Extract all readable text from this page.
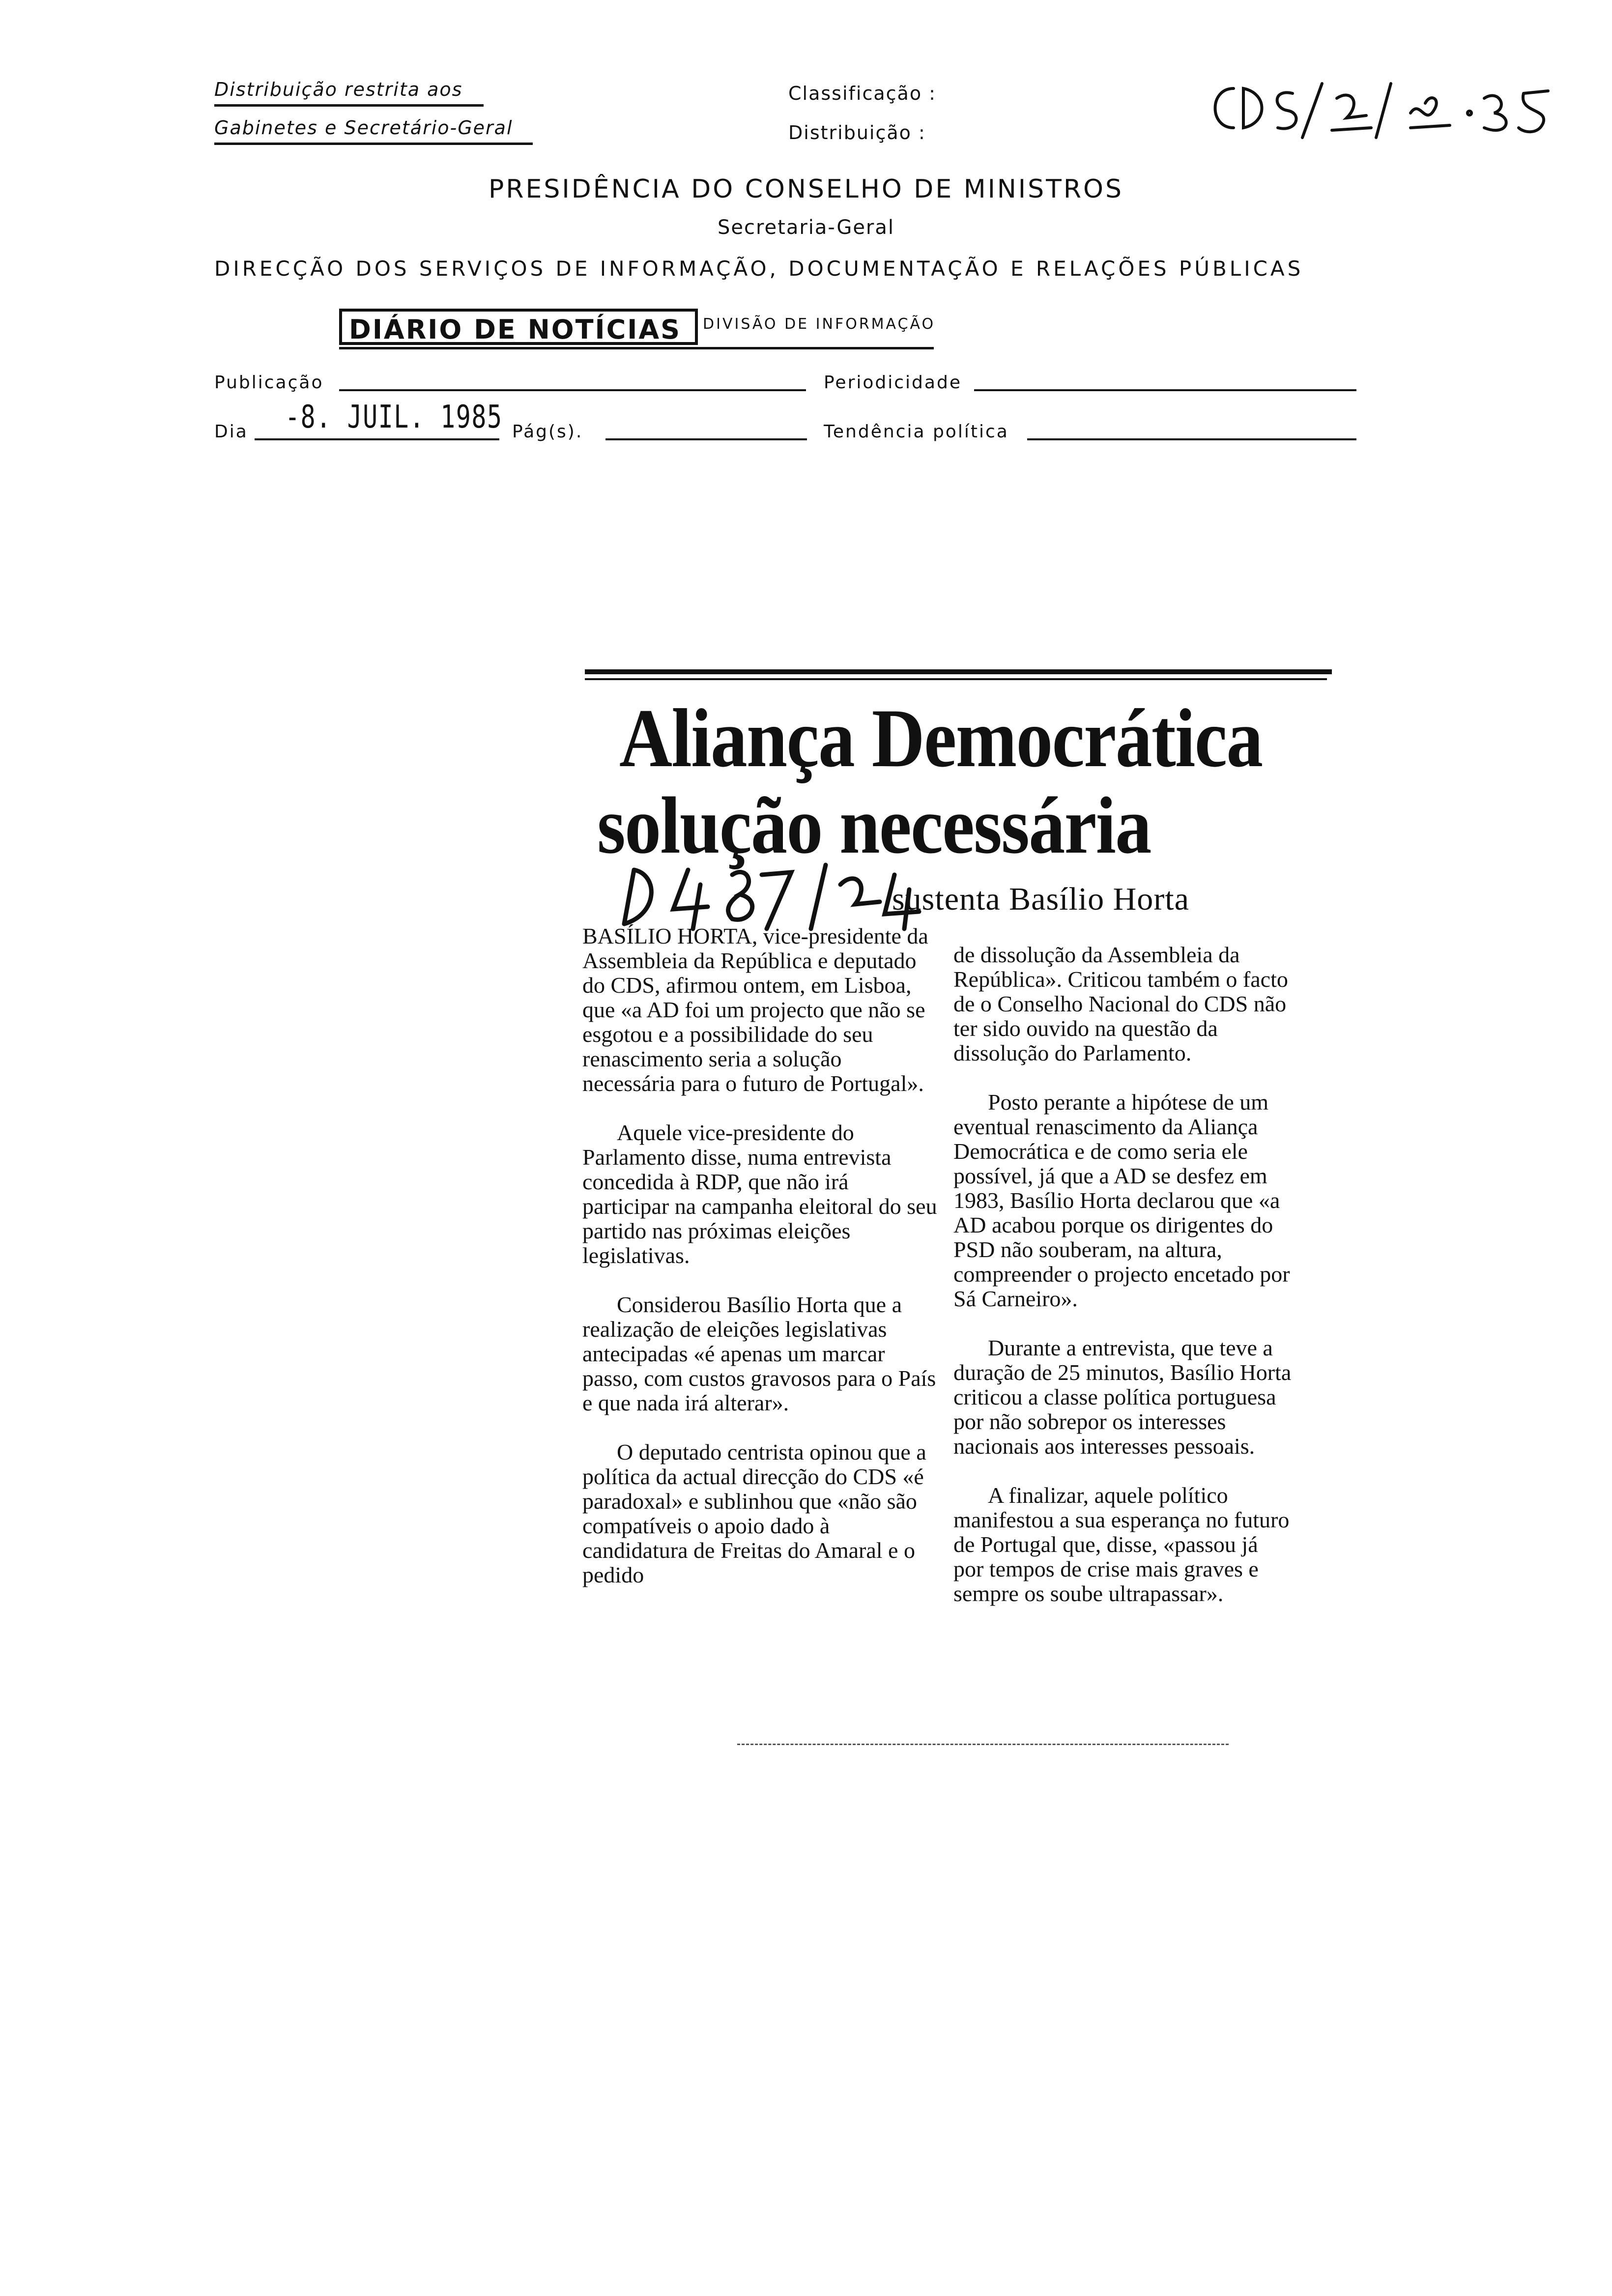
Distribuição restrita aos
Gabinetes e Secretário-Geral
Classificação :
Distribuição :
PRESIDÊNCIA DO CONSELHO DE MINISTROS
Secretaria-Geral
DIRECÇÃO DOS SERVIÇOS DE INFORMAÇÃO, DOCUMENTAÇÃO E RELAÇÕES PÚBLICAS
DIÁRIO DE NOTÍCIAS	DIVISÃO DE INFORMAÇÃO
Publicação	Periodicidade
Dia -8. JUIL. 1985 Pág(s).	Tendência política
Aliança Democrática
solução necessária
sustenta Basílio Horta

BASÍLIO HORTA, vice-presidente da Assembleia da República e deputado do CDS, afirmou ontem, em Lisboa, que «a AD foi um projecto que não se esgotou e a possibilidade do seu renascimento seria a solução necessária para o futuro de Portugal».

Aquele vice-presidente do Parlamento disse, numa entrevista concedida à RDP, que não irá participar na campanha eleitoral do seu partido nas próximas eleições legislativas.

Considerou Basílio Horta que a realização de eleições legislativas antecipadas «é apenas um marcar passo, com custos gravosos para o País e que nada irá alterar».

O deputado centrista opinou que a política da actual direcção do CDS «é paradoxal» e sublinhou que «não são compatíveis o apoio dado à candidatura de Freitas do Amaral e o pedido

de dissolução da Assembleia da República». Criticou também o facto de o Conselho Nacional do CDS não ter sido ouvido na questão da dissolução do Parlamento.

Posto perante a hipótese de um eventual renascimento da Aliança Democrática e de como seria ele possível, já que a AD se desfez em 1983, Basílio Horta declarou que «a AD acabou porque os dirigentes do PSD não souberam, na altura, compreender o projecto encetado por Sá Carneiro».

Durante a entrevista, que teve a duração de 25 minutos, Basílio Horta criticou a classe política portuguesa por não sobrepor os interesses nacionais aos interesses pessoais.

A finalizar, aquele político manifestou a sua esperança no futuro de Portugal que, disse, «passou já por tempos de crise mais graves e sempre os soube ultrapassar».
